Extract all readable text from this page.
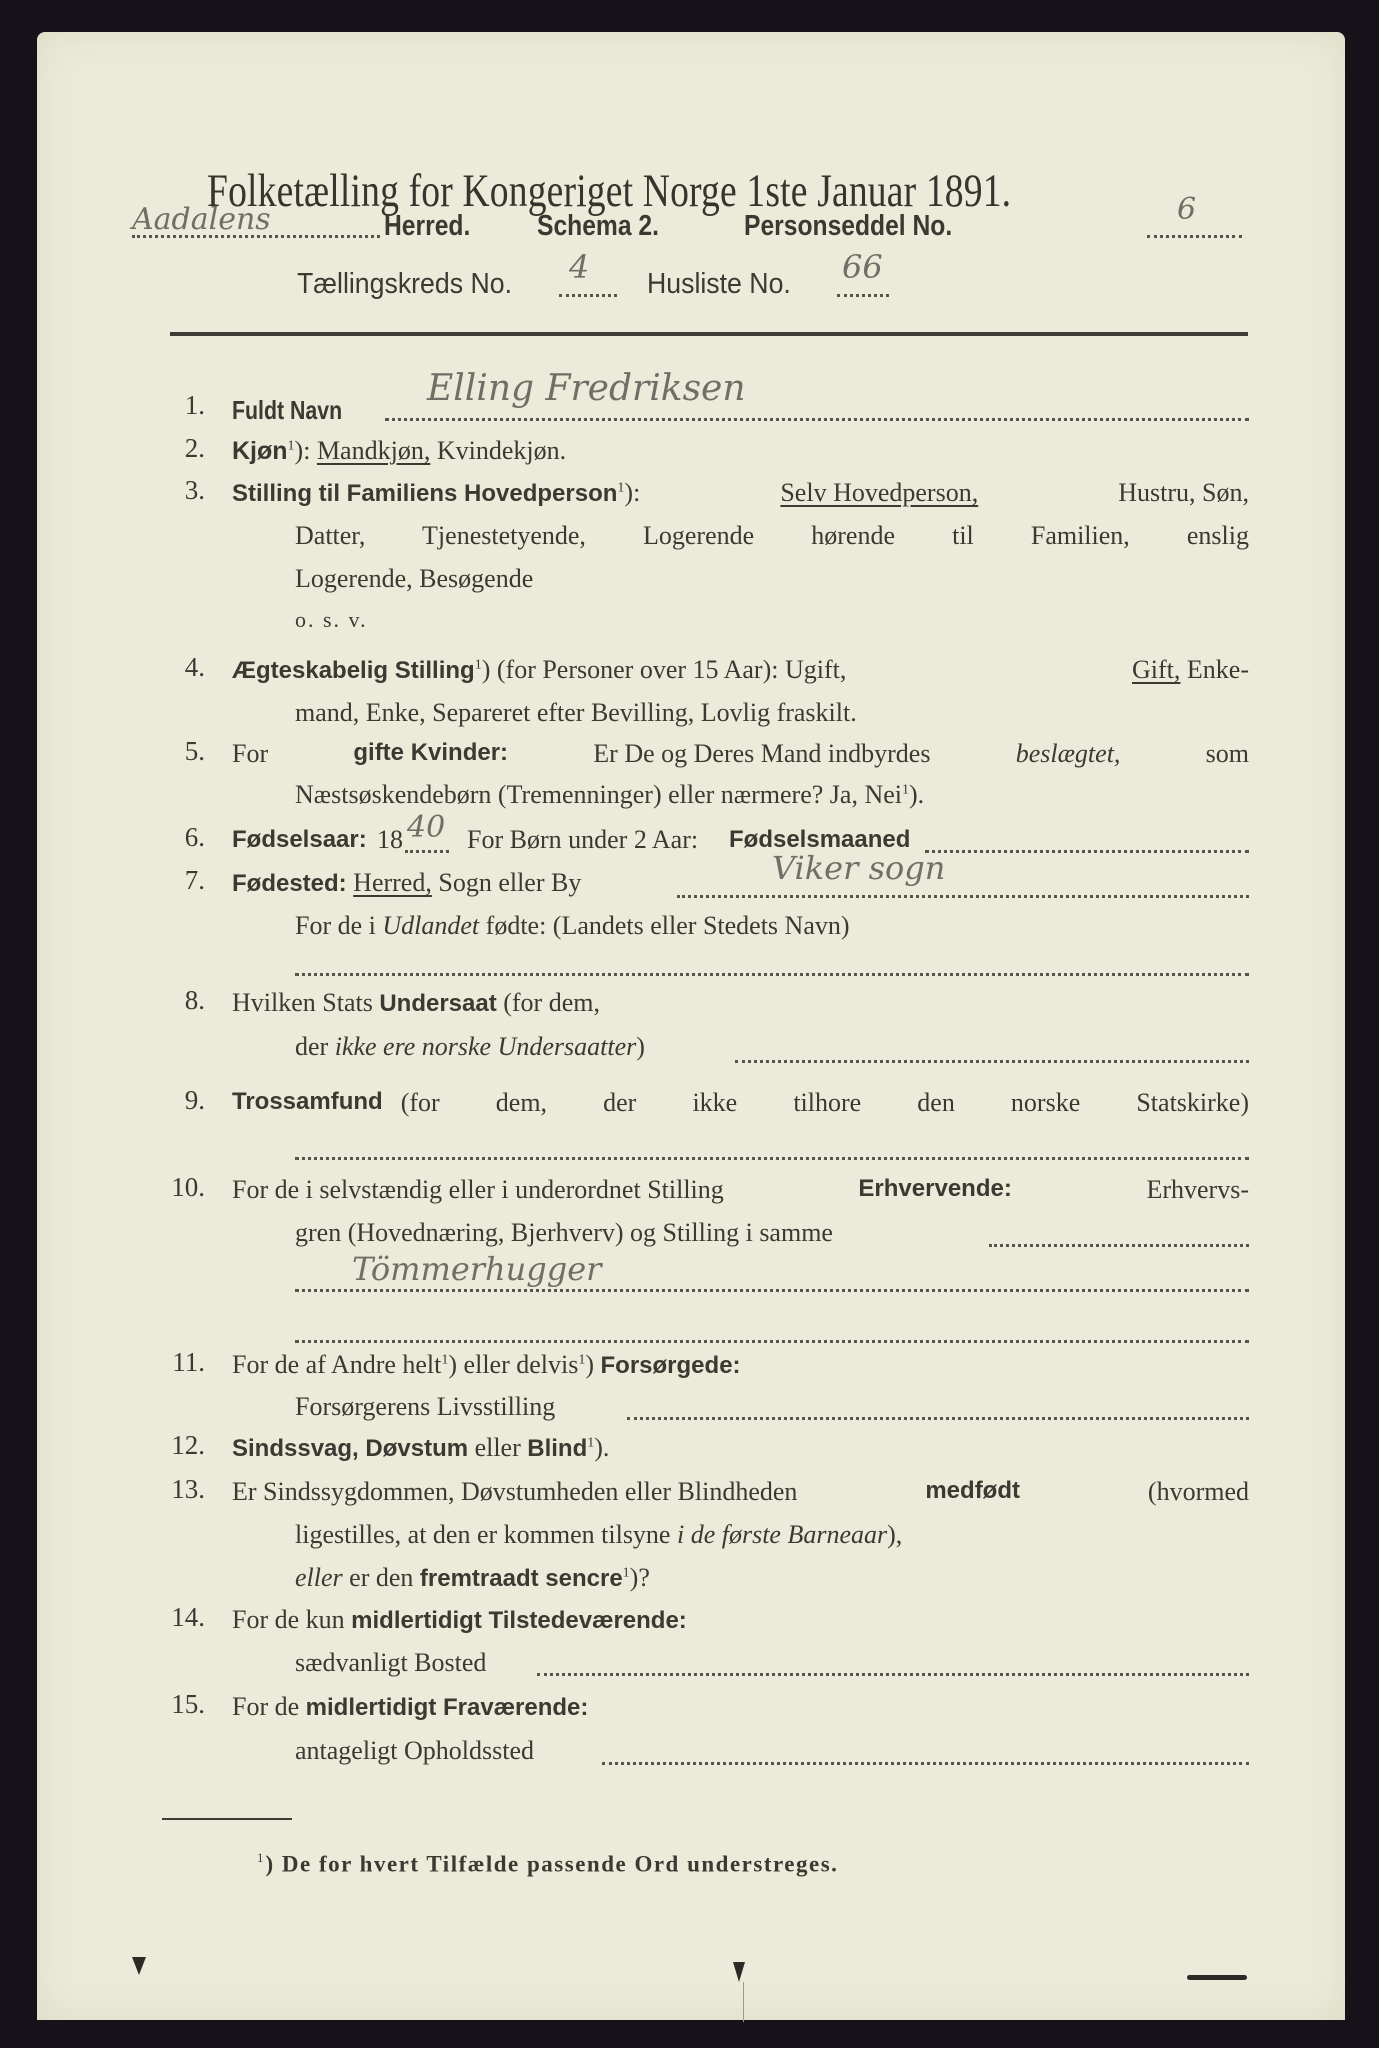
Folketælling for Kongeriget Norge 1ste Januar 1891.
Aadalens	Herred. Schema 2.	Personseddel No.	6
Tællingskreds No. 4 Husliste No. 66
1. Fuldt Navn
Elling Fredriksen
2. Kjøn$^1$): Mandkjøn, Kvindekjøn.
3. Stilling til Familiens Hovedperson$^1$):	Selv Hovedperson,	Hustru, Søn,
Datter, Tjenestetyende, Logerende hørende til Familien, enslig
Logerende, Besøgende
o. s. v.
4. Ægteskabelig Stilling$^1$) (for Personer over 15 Aar): Ugift,	Gift, Enke-
mand, Enke, Separeret efter Bevilling, Lovlig fraskilt.
5. For	gifte Kvinder:	Er De og Deres Mand indbyrdes	beslægtet,	som
Næstsøskendebørn (Tremenninger) eller nærmere? Ja, Nei$^1$).
6. Fødselsaar: 18 40 For Børn under 2 Aar: Fødselsmaaned
7. Fødested: Herred, Sogn eller By	Viker sogn
For de i Udlandet fødte: (Landets eller Stedets Navn)
8. Hvilken Stats Undersaat (for dem,
der ikke ere norske Undersaatter)
9. Trossamfund (for dem, der ikke tilhore den norske Statskirke)
10. For de i selvstændig eller i underordnet Stilling	Erhvervende:	Erhvervs-
gren (Hovednæring, Bjerhverv) og Stilling i samme
Tömmerhugger
11. For de af Andre helt$^1$) eller delvis$^1$) Forsørgede:
Forsørgerens Livsstilling
12. Sindssvag, Døvstum eller Blind$^1$).
13. Er Sindssygdommen, Døvstumheden eller Blindheden	medfødt	(hvormed
ligestilles, at den er kommen tilsyne i de første Barneaar),
eller er den fremtraadt sencre$^1$)?
14. For de kun midlertidigt Tilstedeværende:
sædvanligt Bosted
15. For de midlertidigt Fraværende:
antageligt Opholdssted
$^1$) De for hvert Tilfælde passende Ord understreges.
